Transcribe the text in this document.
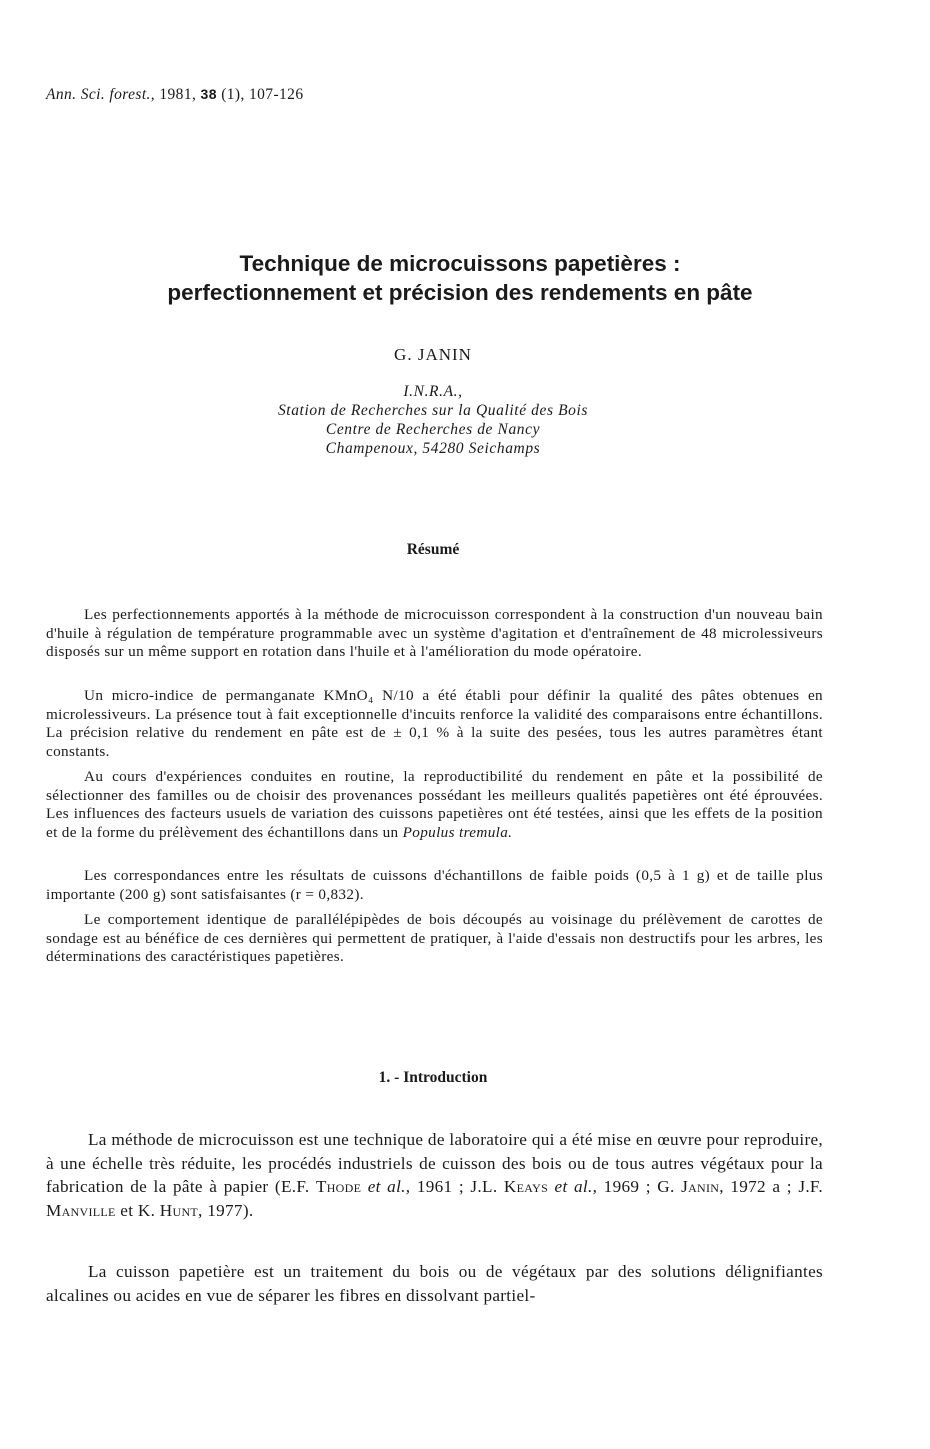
Ann. Sci. forest., 1981, 38 (1), 107-126
Technique de microcuissons papetières :
perfectionnement et précision des rendements en pâte
G. JANIN
I.N.R.A.,
Station de Recherches sur la Qualité des Bois
Centre de Recherches de Nancy
Champenoux, 54280 Seichamps
Résumé

Les perfectionnements apportés à la méthode de microcuisson correspondent à la construction d'un nouveau bain d'huile à régulation de température programmable avec un système d'agitation et d'entraînement de 48 microlessiveurs disposés sur un même support en rotation dans l'huile et à l'amélioration du mode opératoire.

Un micro-indice de permanganate KMnO₄ N/10 a été établi pour définir la qualité des pâtes obtenues en microlessiveurs. La présence tout à fait exceptionnelle d'incuits renforce la validité des comparaisons entre échantillons. La précision relative du rendement en pâte est de ± 0,1 % à la suite des pesées, tous les autres paramètres étant constants.

Au cours d'expériences conduites en routine, la reproductibilité du rendement en pâte et la possibilité de sélectionner des familles ou de choisir des provenances possédant les meilleurs qualités papetières ont été éprouvées. Les influences des facteurs usuels de variation des cuissons papetières ont été testées, ainsi que les effets de la position et de la forme du prélèvement des échantillons dans un Populus tremula.

Les correspondances entre les résultats de cuissons d'échantillons de faible poids (0,5 à 1 g) et de taille plus importante (200 g) sont satisfaisantes (r = 0,832).

Le comportement identique de parallélépipèdes de bois découpés au voisinage du prélèvement de carottes de sondage est au bénéfice de ces dernières qui permettent de pratiquer, à l'aide d'essais non destructifs pour les arbres, les déterminations des caractéristiques papetières.

1. - Introduction

La méthode de microcuisson est une technique de laboratoire qui a été mise en œuvre pour reproduire, à une échelle très réduite, les procédés industriels de cuisson des bois ou de tous autres végétaux pour la fabrication de la pâte à papier (E.F. Thode et al., 1961 ; J.L. Keays et al., 1969 ; G. Janin, 1972 a ; J.F. Manville et K. Hunt, 1977).

La cuisson papetière est un traitement du bois ou de végétaux par des solutions délignifiantes alcalines ou acides en vue de séparer les fibres en dissolvant partiel-
